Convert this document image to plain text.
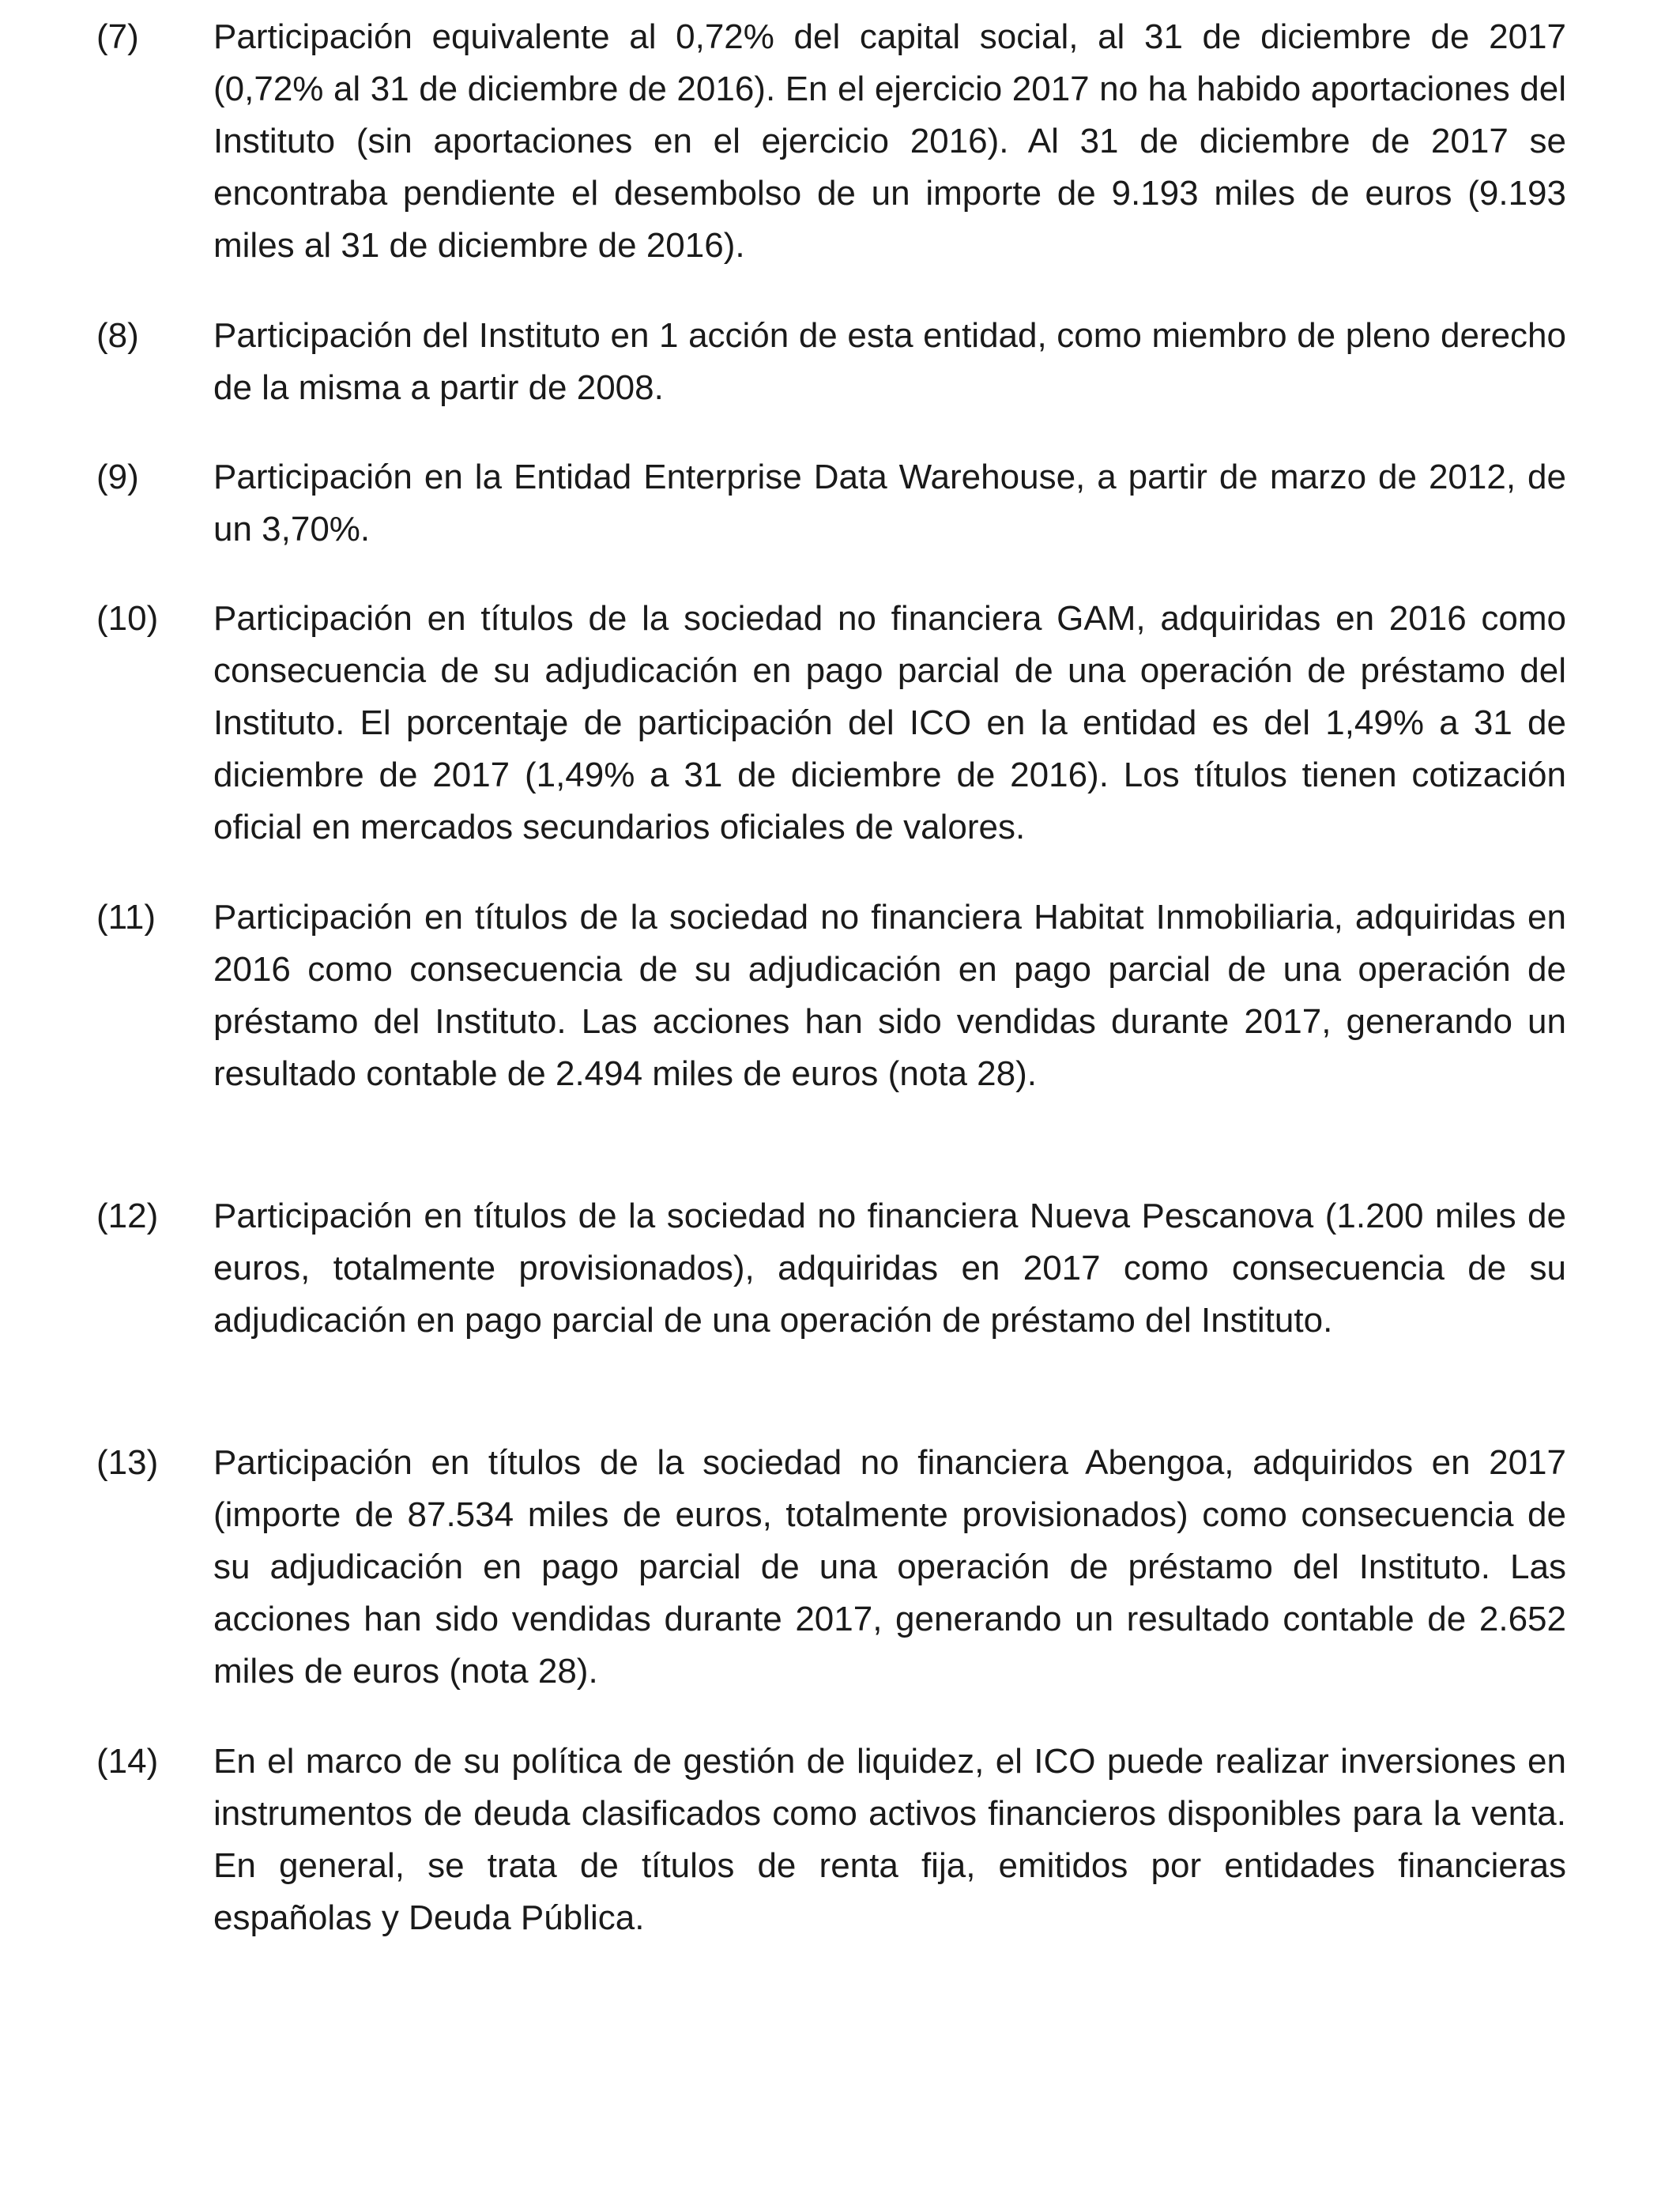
(7) Participación equivalente al 0,72% del capital social, al 31 de diciembre de 2017 (0,72% al 31 de diciembre de 2016). En el ejercicio 2017 no ha habido aportaciones del Instituto (sin aportaciones en el ejercicio 2016). Al 31 de diciembre de 2017 se encontraba pendiente el desembolso de un importe de 9.193 miles de euros (9.193 miles al 31 de diciembre de 2016).
(8) Participación del Instituto en 1 acción de esta entidad, como miembro de pleno derecho de la misma a partir de 2008.
(9) Participación en la Entidad Enterprise Data Warehouse, a partir de marzo de 2012, de un 3,70%.
(10) Participación en títulos de la sociedad no financiera GAM, adquiridas en 2016 como consecuencia de su adjudicación en pago parcial de una operación de préstamo del Instituto. El porcentaje de participación del ICO en la entidad es del 1,49% a 31 de diciembre de 2017 (1,49% a 31 de diciembre de 2016). Los títulos tienen cotización oficial en mercados secundarios oficiales de valores.
(11) Participación en títulos de la sociedad no financiera Habitat Inmobiliaria, adquiridas en 2016 como consecuencia de su adjudicación en pago parcial de una operación de préstamo del Instituto. Las acciones han sido vendidas durante 2017, generando un resultado contable de 2.494 miles de euros (nota 28).
(12) Participación en títulos de la sociedad no financiera Nueva Pescanova (1.200 miles de euros, totalmente provisionados), adquiridas en 2017 como consecuencia de su adjudicación en pago parcial de una operación de préstamo del Instituto.
(13) Participación en títulos de la sociedad no financiera Abengoa, adquiridos en 2017 (importe de 87.534 miles de euros, totalmente provisionados) como consecuencia de su adjudicación en pago parcial de una operación de préstamo del Instituto. Las acciones han sido vendidas durante 2017, generando un resultado contable de 2.652 miles de euros (nota 28).
(14) En el marco de su política de gestión de liquidez, el ICO puede realizar inversiones en instrumentos de deuda clasificados como activos financieros disponibles para la venta. En general, se trata de títulos de renta fija, emitidos por entidades financieras españolas y Deuda Pública.
